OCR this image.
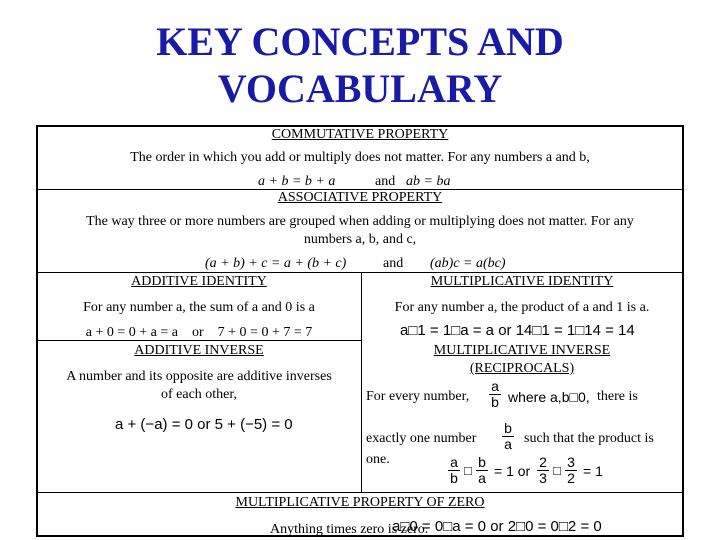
KEY CONCEPTS AND
VOCABULARY
COMMUTATIVE PROPERTY
The order in which you add or multiply does not matter. For any numbers a and b,
a + b = b + a	and ab = ba
ASSOCIATIVE PROPERTY
The way three or more numbers are grouped when adding or multiplying does not matter. For any
numbers a, b, and c,
(a + b) + c = a + (b + c)	and (ab)c = a(bc)
ADDITIVE IDENTITY
For any number a, the sum of a and 0 is a
a + 0 = 0 + a = a    or    7 + 0 = 0 + 7 = 7
MULTIPLICATIVE IDENTITY
For any number a, the product of a and 1 is a.
a□1 = 1□a = a or 14□1 = 1□14 = 14
ADDITIVE INVERSE
A number and its opposite are additive inverses
of each other,
a + (−a) = 0 or 5 + (−5) = 0
MULTIPLICATIVE INVERSE
(RECIPROCALS)
For every number,
a
b where a,b□0, there is
exactly one number
b
a such that the product is
one.	a
b □
b
a = 1 or
2
3 □
3
2 = 1
MULTIPLICATIVE PROPERTY OF ZERO
Anything times zero is zero.
a□0 = 0□a = 0 or 2□0 = 0□2 = 0
